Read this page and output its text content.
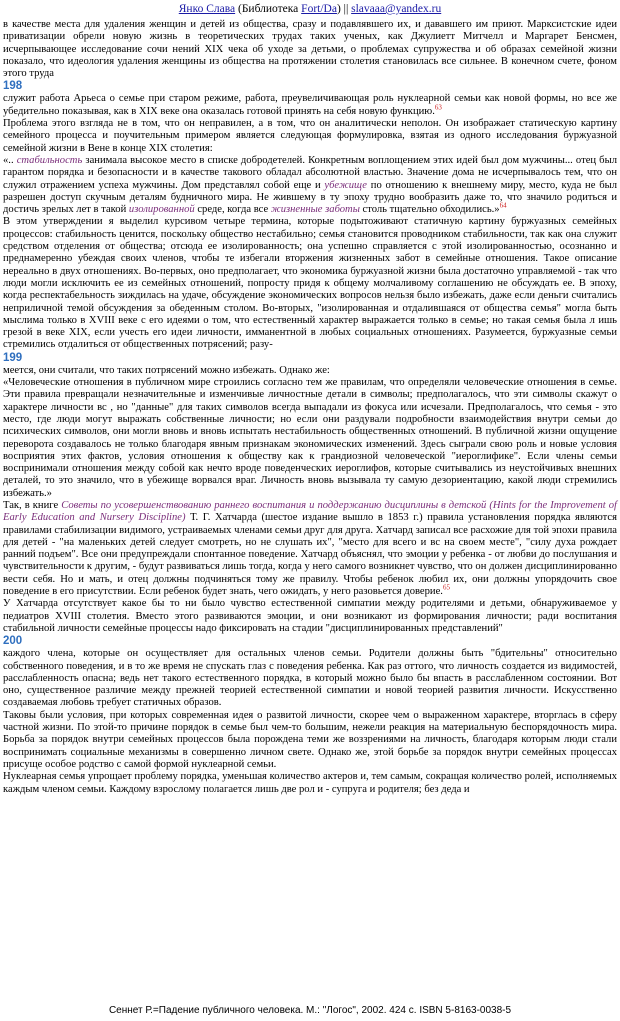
Янко Слава (Библиотека Fort/Da) || slavaaa@yandex.ru

в качестве места для удаления женщин и детей из общества, сразу и подавлявшего их, и дававшего им приют. Марксистские идеи приватизации обрели новую жизнь в теоретических трудах таких ученых, как Джулиетт Митчелл и Маргарет Бенсмен, исчерпывающее исследование сочи нений XIX чека об уходе за детьми, о проблемах супружества и об образах семейной жизни показало, что идеология удаления женщины из общества на протяжении столетия становилась все сильнее. В конечном счете, фоном этого труда

198

служит работа Арьеса о семье при старом режиме, работа, преувеличивающая роль нуклеарной семьи как новой формы, но все же убедительно показывая, как в XIX веке она оказалась готовой принять на себя новую функцию.$^{63}$

Проблема этого взгляда не в том, что он неправилен, а в том, что он аналитически неполон. Он изображает статическую картину семейного процесса и поучительным примером является следующая формулировка, взятая из одного исследования буржуазной семейной жизни в Вене в конце XIX столетия:

«.. стабильность занимала высокое место в списке добродетелей. Конкретным воплощением этих идей был дом мужчины... отец был гарантом порядка и безопасности и в качестве такового обладал абсолютной властью. Значение дома не исчерпывалось тем, что он служил отражением успеха мужчины. Дом представлял собой еще и убежище по отношению к внешнему миру, место, куда не был разрешен доступ скучным деталям будничного мира. Не жившему в ту эпоху трудно вообразить даже то, что значило родиться и достичь зрелых лет в такой изолированной среде, когда все жизненные заботы столь тщательно обходились.»$^{64}$

В этом утверждении я выделил курсивом четыре термина, которые подытоживают статичную картину буржуазных семейных процессов: стабильность ценится, поскольку общество нестабильно; семья становится проводником стабильности, так как она служит средством отделения от общества; отсюда ее изолированность; она успешно справляется с этой изолированностью, осознанно и преднамеренно убеждая своих членов, чтобы те избегали вторжения жизненных забот в семейные отношения. Такое описание нереально в двух отношениях. Во-первых, оно предполагает, что экономика буржуазной жизни была достаточно управляемой - так что люди могли исключить ее из семейных отношений, попросту придя к общему молчаливому соглашению не обсуждать ее. В эпоху, когда респектабельность зиждилась на удаче, обсуждение экономических вопросов нельзя было избежать, даже если деньги считались неприличной темой обсуждения за обеденным столом. Во-вторых, "изолированная и отдалившаяся от общества семья" могла быть мыслима только в XVIII веке с его идеями о том, что естественный характер выражается только в семье; но такая семья была л ишь грезой в веке XIX, если учесть его идеи личности, имманентной в любых социальных отношениях. Разумеется, буржуазные семьи стремились отдалиться от общественных потрясений; разу-

199

меется, они считали, что таких потрясений можно избежать. Однако же:

«Человеческие отношения в публичном мире строились согласно тем же правилам, что определяли человеческие отношения в семье. Эти правила превращали незначительные и изменчивые личностные детали в символы; предполагалось, что эти символы скажут о характере личности вс , но "данные" для таких символов всегда выпадали из фокуса или исчезали. Предполагалось, что семья - это место, где люди могут выражать собственные личности; но если они раздували подробности взаимодействия внутри семьи до психических символов, они могли вновь и вновь испытать нестабильность общественных отношений. В публичной жизни ощущение переворота создавалось не только благодаря явным признакам экономических изменений. Здесь сыграли свою роль и новые условия восприятия этих фактов, условия отношения к обществу как к грандиозной человеческой "иероглифике". Если члены семьи воспринимали отношения между собой как нечто вроде поведенческих иероглифов, которые считывались из неустойчивых внешних деталей, то это значило, что в убежище ворвался враг. Личность вновь вызывала ту самую дезориентацию, какой люди стремились избежать.»

Так, в книге Советы по усовершенствованию раннего воспитания и поддержанию дисциплины в детской (Hints for the Improvement of Early Education and Nursery Discipline) Т. Г. Хатчарда (шестое издание вышло в 1853 г.) правила установления порядка являются правилами стабилизации видимого, устраиваемых членами семьи друг для друга. Хатчард записал все расхожие для той эпохи правила для детей - "на маленьких детей следует смотреть, но не слушать их", "место для всего и вс на своем месте", "силу духа рождает ранний подъем". Все они предупреждали спонтанное поведение. Хатчард объяснял, что эмоции у ребенка - от любви до послушания и чувствительности к другим, - будут развиваться лишь тогда, когда у него самого возникнет чувство, что он должен дисциплинированно вести себя. Но и мать, и отец должны подчиняться тому же правилу. Чтобы ребенок любил их, они должны упорядочить свое поведение в его присутствии. Если ребенок будет знать, чего ожидать, у него разовьется доверие.$^{65}$

У Хатчарда отсутствует какое бы то ни было чувство естественной симпатии между родителями и детьми, обнаруживаемое у педиатров XVIII столетия. Вместо этого развиваются эмоции, и они возникают из формирования личности; ради воспитания стабильной личности семейные процессы надо фиксировать на стадии "дисциплинированных представлений"

200

каждого члена, которые он осуществляет для остальных членов семьи. Родители должны быть "бдительны" относительно собственного поведения, и в то же время не спускать глаз с поведения ребенка. Как раз оттого, что личность создается из видимостей, расслабленность опасна; ведь нет такого естественного порядка, в который можно было бы впасть в расслабленном состоянии. Вот оно, существенное различие между прежней теорией естественной симпатии и новой теорией развития личности. Искусственно создаваемая любовь требует статичных образов.

Таковы были условия, при которых современная идея о развитой личности, скорее чем о выраженном характере, вторглась в сферу частной жизни. По этой-то причине порядок в семье был чем-то большим, нежели реакция на материальную беспорядочность мира. Борьба за порядок внутри семейных процессов была порождена теми же воззрениями на личность, благодаря которым люди стали воспринимать социальные механизмы в совершенно личном свете. Однако же, этой борьбе за порядок внутри семейных процессах присуще особое родство с самой формой нуклеарной семьи.

Нуклеарная семья упрощает проблему порядка, уменьшая количество актеров и, тем самым, сокращая количество ролей, исполняемых каждым членом семьи. Каждому взрослому полагается лишь две рол и - супруга и родителя; без деда и

Сеннет Р.=Падение публичного человека. М.: "Логос", 2002. 424 с. ISBN 5-8163-0038-5
